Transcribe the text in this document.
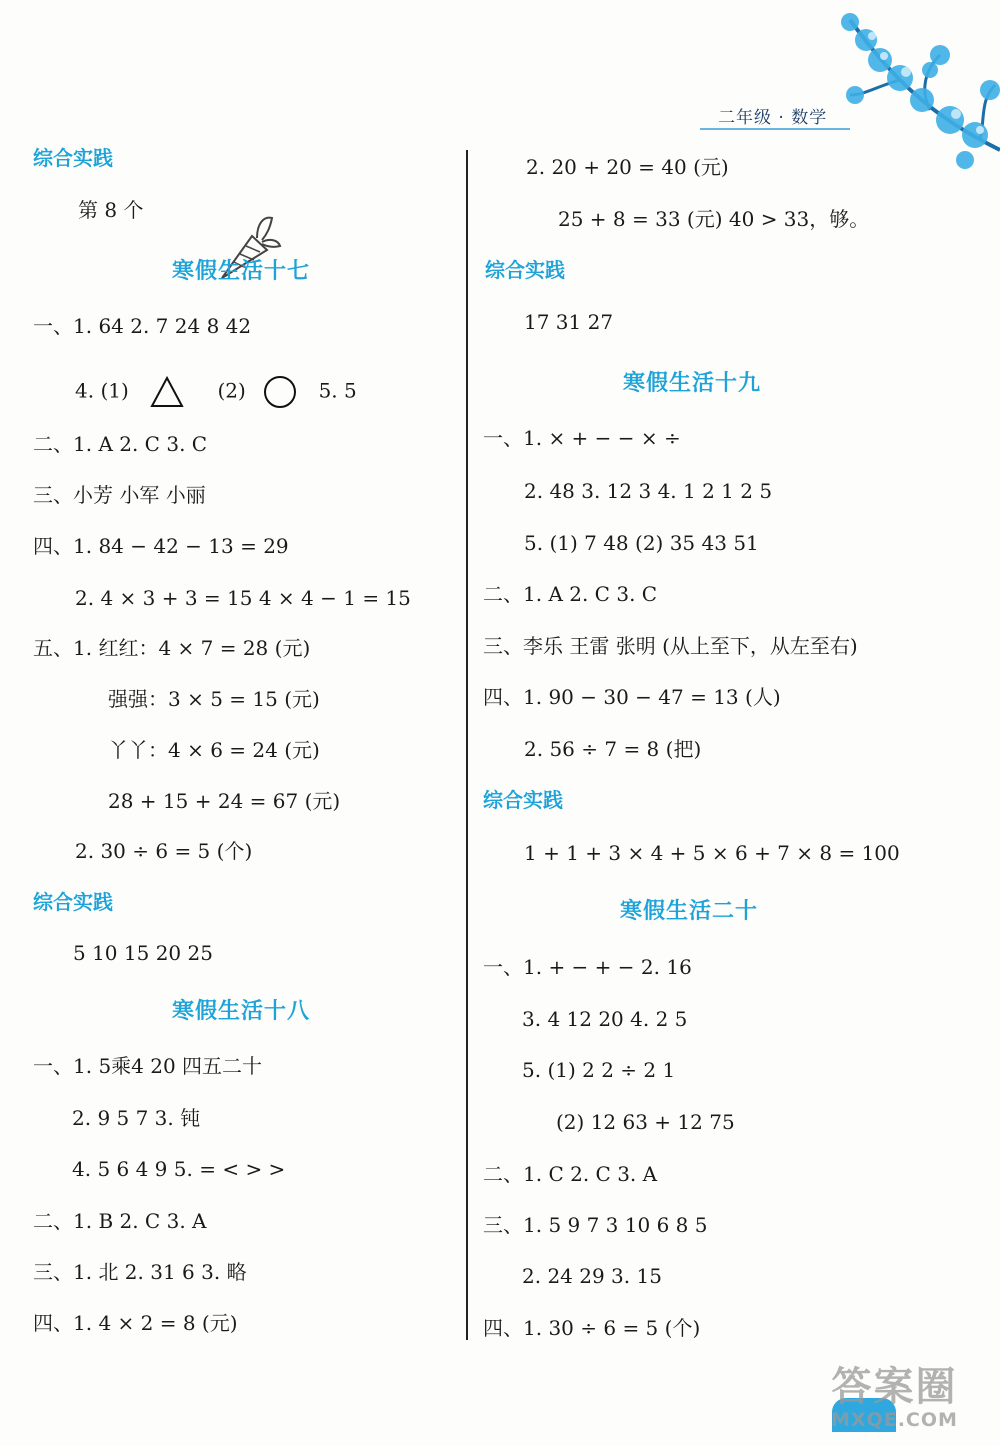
二年级 · 数学
综合实践
第 8 个
寒假生活十七
一、1. 64 2. 7 24 8 42
4. (1)	(2)	5. 5
二、1. A 2. C 3. C
三、小芳 小军 小丽
四、1. 84 − 42 − 13 = 29
2. 4 × 3 + 3 = 15 4 × 4 − 1 = 15
五、1. 红红：4 × 7 = 28 (元)
强强：3 × 5 = 15 (元)
丫丫：4 × 6 = 24 (元)
28 + 15 + 24 = 67 (元)
2. 30 ÷ 6 = 5 (个)
综合实践
5 10 15 20 25
寒假生活十八
一、1. 5乘4 20 四五二十
2. 9 5 7 3. 钝
4. 5 6 4 9 5. = < > >
二、1. B 2. C 3. A
三、1. 北 2. 31 6 3. 略
四、1. 4 × 2 = 8 (元)
2. 20 + 20 = 40 (元)
25 + 8 = 33 (元) 40 > 33，够。
综合实践
17 31 27
寒假生活十九
一、1. × + − − × ÷
2. 48 3. 12 3 4. 1 2 1 2 5
5. (1) 7 48 (2) 35 43 51
二、1. A 2. C 3. C
三、李乐 王雷 张明 (从上至下，从左至右)
四、1. 90 − 30 − 47 = 13 (人)
2. 56 ÷ 7 = 8 (把)
综合实践
1 + 1 + 3 × 4 + 5 × 6 + 7 × 8 = 100
寒假生活二十
一、1. + − + − 2. 16
3. 4 12 20 4. 2 5
5. (1) 2 2 ÷ 2 1
(2) 12 63 + 12 75
二、1. C 2. C 3. A
三、1. 5 9 7 3 10 6 8 5
2. 24 29 3. 15
四、1. 30 ÷ 6 = 5 (个)
答案圈
MXQE.COM
